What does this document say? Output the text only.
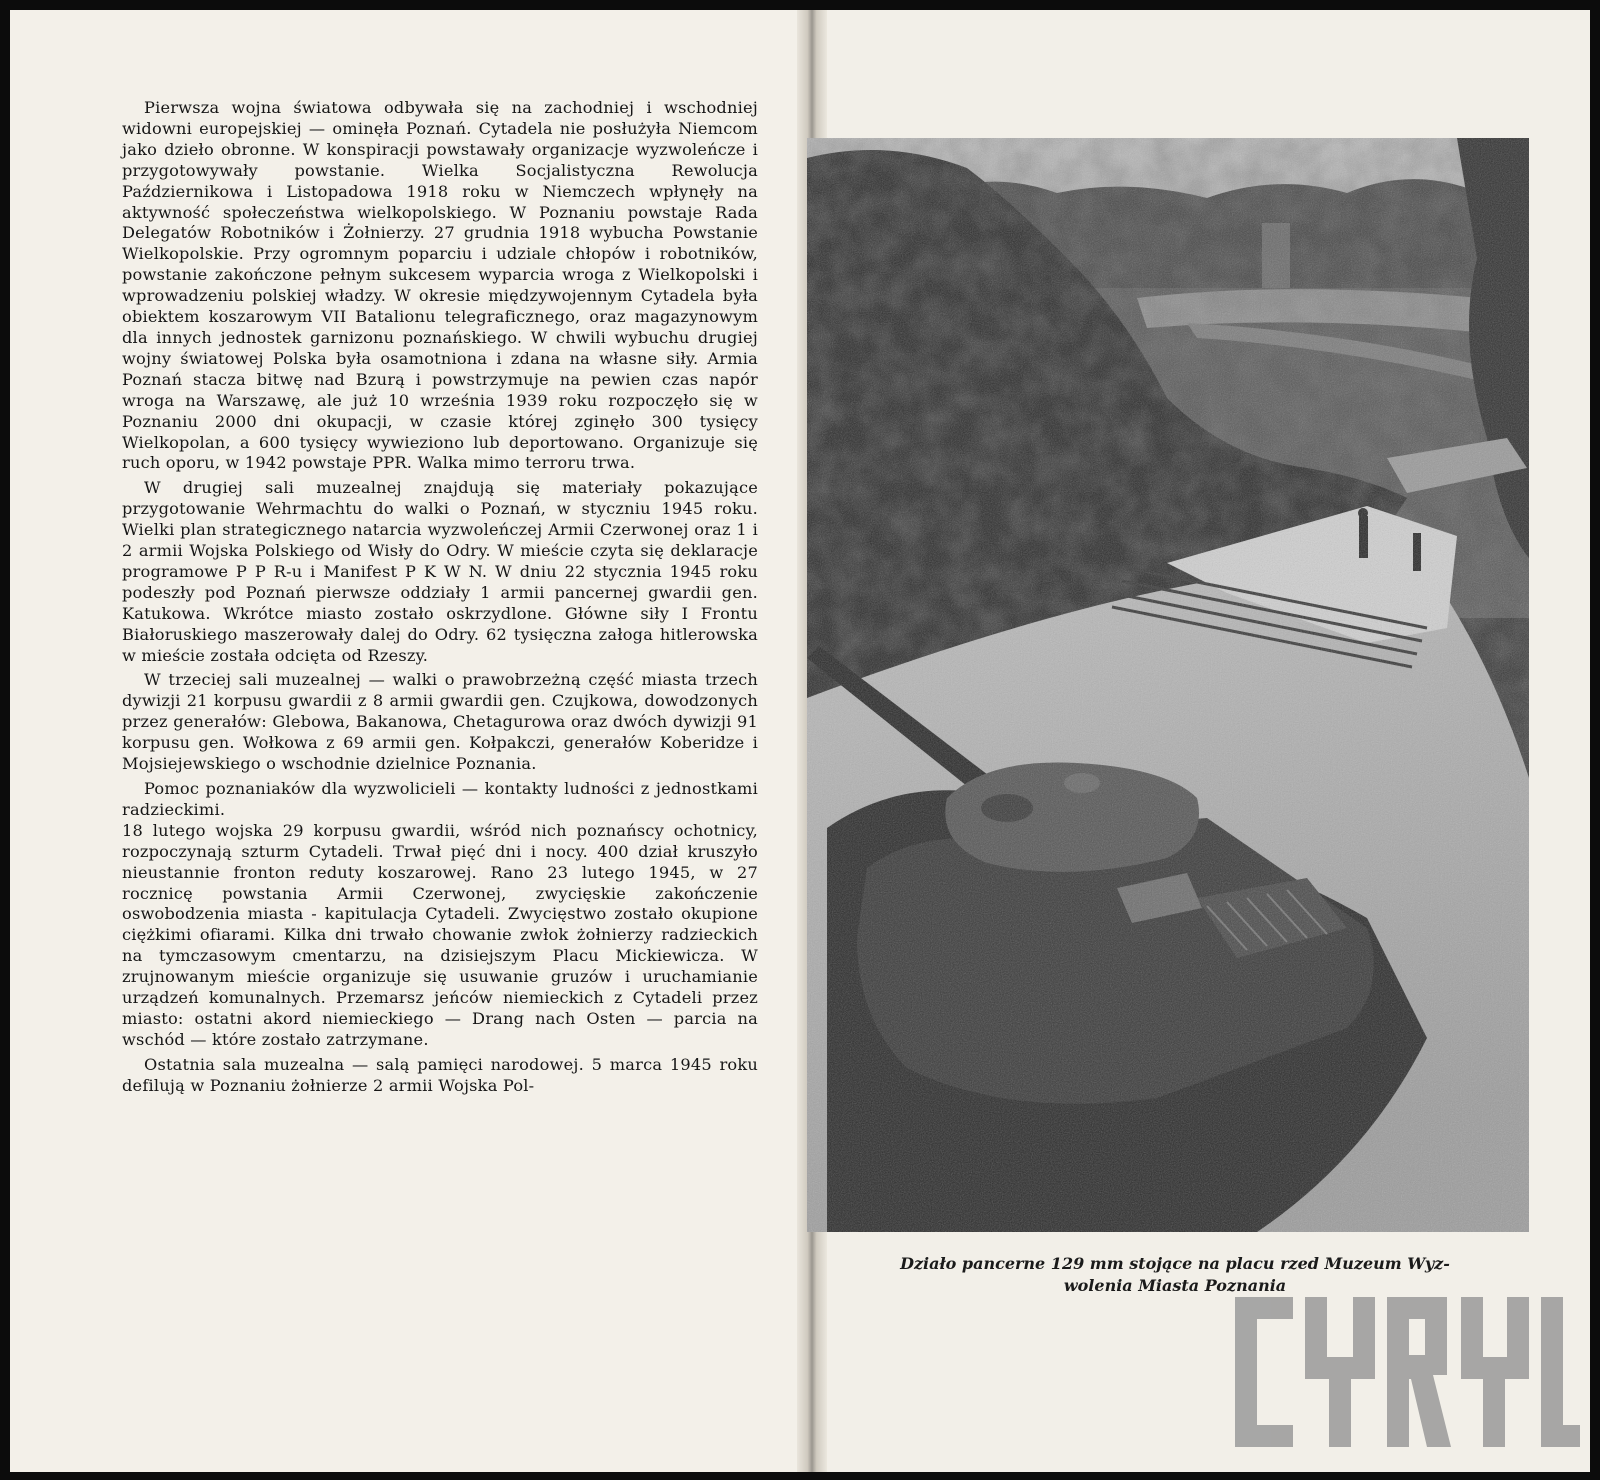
Pierwsza wojna światowa odbywała się na zachodniej i wschodniej widowni europejskiej — ominęła Poznań. Cytadela nie posłużyła Niemcom jako dzieło obronne. W konspiracji powstawały organizacje wyzwoleńcze i przygotowywały powstanie. Wielka Socjalistyczna Rewolucja Październikowa i Listopadowa 1918 roku w Niemczech wpłynęły na aktywność społeczeństwa wielkopolskiego. W Poznaniu powstaje Rada Delegatów Robotników i Żołnierzy. 27 grudnia 1918 wybucha Powstanie Wielkopolskie. Przy ogromnym poparciu i udziale chłopów i robotników, powstanie zakończone pełnym sukcesem wyparcia wroga z Wielkopolski i wprowadzeniu polskiej władzy. W okresie międzywojennym Cytadela była obiektem koszarowym VII Batalionu telegraficznego, oraz magazynowym dla innych jednostek garnizonu poznańskiego. W chwili wybuchu drugiej wojny światowej Polska była osamotniona i zdana na własne siły. Armia Poznań stacza bitwę nad Bzurą i powstrzymuje na pewien czas napór wroga na Warszawę, ale już 10 września 1939 roku rozpoczęło się w Poznaniu 2000 dni okupacji, w czasie której zginęło 300 tysięcy Wielkopolan, a 600 tysięcy wywieziono lub deportowano. Organizuje się ruch oporu, w 1942 powstaje PPR. Walka mimo terroru trwa.

W drugiej sali muzealnej znajdują się materiały pokazujące przygotowanie Wehrmachtu do walki o Poznań, w styczniu 1945 roku. Wielki plan strategicznego natarcia wyzwoleńczej Armii Czerwonej oraz 1 i 2 armii Wojska Polskiego od Wisły do Odry. W mieście czyta się deklaracje programowe P P R-u i Manifest P K W N. W dniu 22 stycznia 1945 roku podeszły pod Poznań pierwsze oddziały 1 armii pancernej gwardii gen. Katukowa. Wkrótce miasto zostało oskrzydlone. Główne siły I Frontu Białoruskiego maszerowały dalej do Odry. 62 tysięczna załoga hitlerowska w mieście została odcięta od Rzeszy.

W trzeciej sali muzealnej — walki o prawobrzeżną część miasta trzech dywizji 21 korpusu gwardii z 8 armii gwardii gen. Czujkowa, dowodzonych przez generałów: Glebowa, Bakanowa, Chetagurowa oraz dwóch dywizji 91 korpusu gen. Wołkowa z 69 armii gen. Kołpakczi, generałów Koberidze i Mojsiejewskiego o wschodnie dzielnice Poznania.

Pomoc poznaniaków dla wyzwolicieli — kontakty ludności z jednostkami radzieckimi.

18 lutego wojska 29 korpusu gwardii, wśród nich poznańscy ochotnicy, rozpoczynają szturm Cytadeli. Trwał pięć dni i nocy. 400 dział kruszyło nieustannie fronton reduty koszarowej. Rano 23 lutego 1945, w 27 rocznicę powstania Armii Czerwonej, zwycięskie zakończenie oswobodzenia miasta - kapitulacja Cytadeli. Zwycięstwo zostało okupione ciężkimi ofiarami. Kilka dni trwało chowanie zwłok żołnierzy radzieckich na tymczasowym cmentarzu, na dzisiejszym Placu Mickiewicza. W zrujnowanym mieście organizuje się usuwanie gruzów i uruchamianie urządzeń komunalnych. Przemarsz jeńców niemieckich z Cytadeli przez miasto: ostatni akord niemieckiego — Drang nach Osten — parcia na wschód — które zostało zatrzymane.

Ostatnia sala muzealna — salą pamięci narodowej. 5 marca 1945 roku defilują w Poznaniu żołnierze 2 armii Wojska Pol-

Działo pancerne 129 mm stojące na placu rzed Muzeum Wyz-
wolenia Miasta Poznania
